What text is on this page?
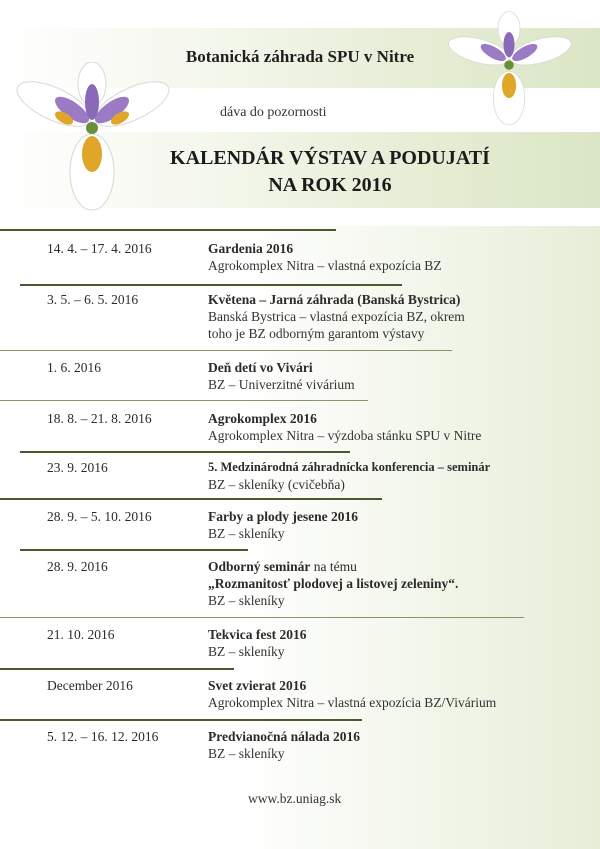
Botanická záhrada SPU v Nitre
dáva do pozornosti
KALENDÁR VÝSTAV A PODUJATÍ
NA ROK 2016
14. 4. – 17. 4. 2016	Gardenia 2016
Agrokomplex Nitra – vlastná expozícia BZ
3. 5. – 6. 5. 2016	Květena – Jarná záhrada (Banská Bystrica)
Banská Bystrica – vlastná expozícia BZ, okrem
toho je BZ odborným garantom výstavy
1. 6. 2016	Deň detí vo Vivári
BZ – Univerzitné vivárium
18. 8. – 21. 8. 2016	Agrokomplex 2016
Agrokomplex Nitra – výzdoba stánku SPU v Nitre
23. 9. 2016	5. Medzinárodná záhradnícka konferencia – seminár
BZ – skleníky (cvičebňa)
28. 9. – 5. 10. 2016	Farby a plody jesene 2016
BZ – skleníky
28. 9. 2016	Odborný seminár na tému
„Rozmanitosť plodovej a listovej zeleniny“.
BZ – skleníky
21. 10. 2016	Tekvica fest 2016
BZ – skleníky
December 2016	Svet zvierat 2016
Agrokomplex Nitra – vlastná expozícia BZ/Vivárium
5. 12. – 16. 12. 2016	Predvianočná nálada 2016
BZ – skleníky
www.bz.uniag.sk
